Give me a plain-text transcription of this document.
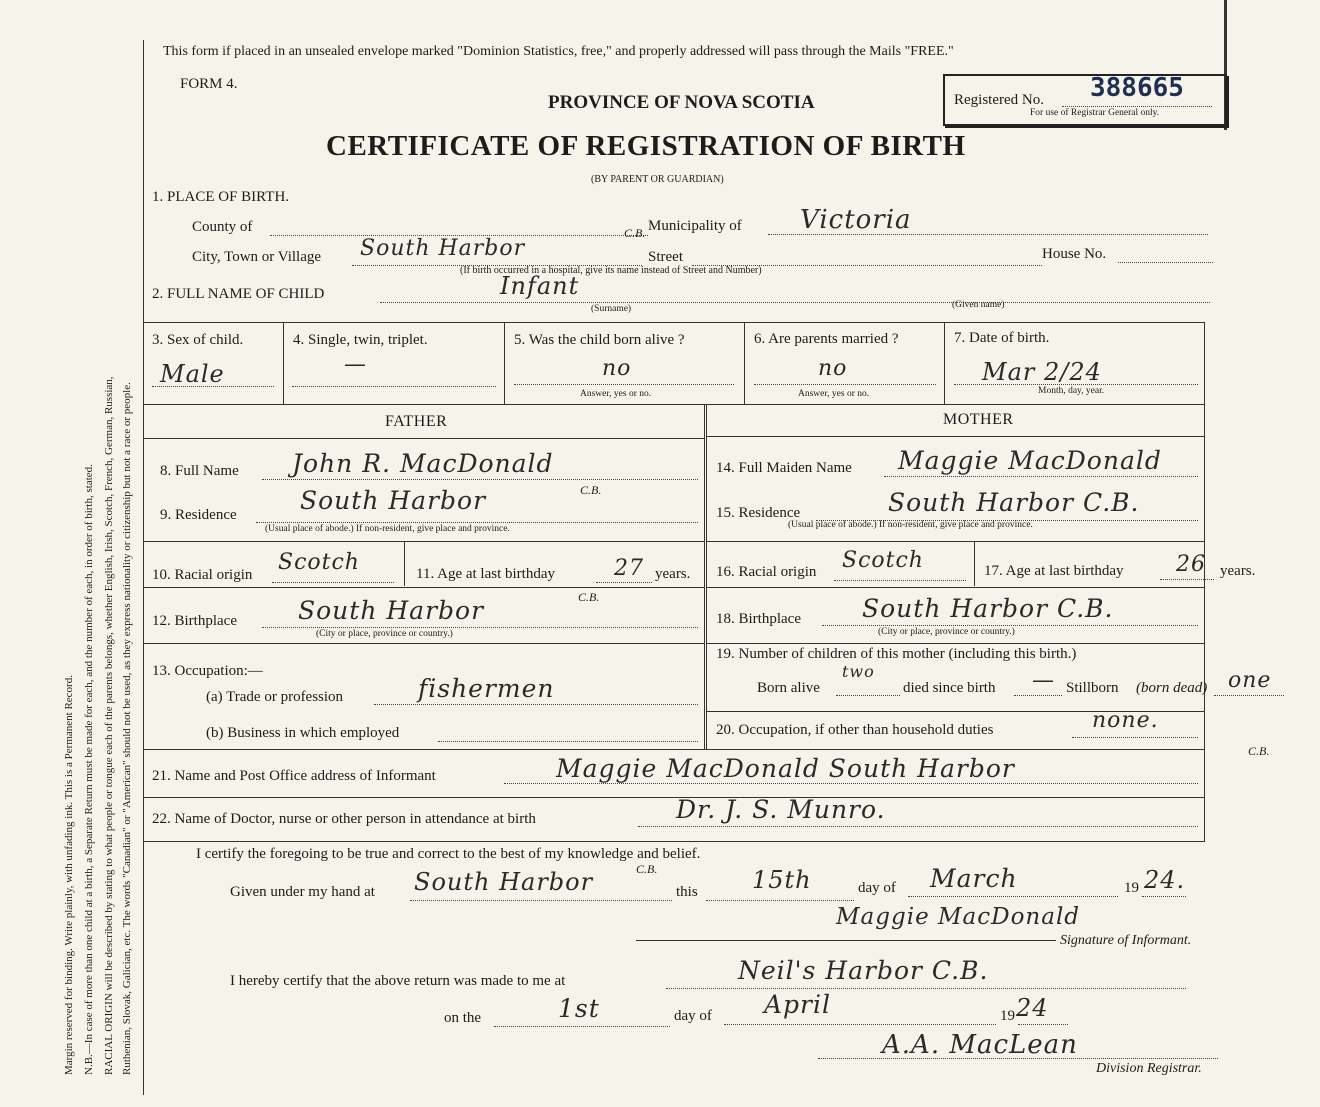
Margin reserved for binding. Write plainly, with unfading ink. This is a Permanent Record. N.B.—In case of more than one child at a birth, a Separate Return must be made for each, and the number of each, in order of birth, stated. RACIAL ORIGIN will be described by stating to what people or tongue each of the parents belongs, whether English, Irish, Scotch, French, German, Russian, Ruthenian, Slovak, Galician, etc. The words "Canadian" or "American" should not be used, as they express nationality or citizenship but not a race or people.
This form if placed in an unsealed envelope marked "Dominion Statistics, free," and properly addressed will pass through the Mails "FREE."
FORM 4.
PROVINCE OF NOVA SCOTIA
CERTIFICATE OF REGISTRATION OF BIRTH
(BY PARENT OR GUARDIAN)
Registered No. 388665
For use of Registrar General only.
1. PLACE OF BIRTH.
County of	Municipality of Victoria
City, Town or Village South Harbor
C.B.
Street	House No.
(If birth occurred in a hospital, give its name instead of Street and Number)
2. FULL NAME OF CHILD	Infant
(Surname)	(Given name)
3. Sex of child.
Male
4. Single, twin, triplet.
—
5. Was the child born alive ?
no
Answer, yes or no.
6. Are parents married ?
no
Answer, yes or no.
7. Date of birth.
Mar 2/24
Month, day, year.
FATHER	MOTHER
8. Full Name John R. MacDonald
9. Residence	South Harbor	C.B.
(Usual place of abode.) If non-resident, give place and province.
10. Racial origin Scotch	11. Age at last birthday	27 years.
12. Birthplace South Harbor	C.B.
(City or place, province or country.)
13. Occupation:—
(a) Trade or profession	fishermen
(b) Business in which employed
14. Full Maiden Name Maggie MacDonald
15. Residence	South Harbor C.B.
(Usual place of abode.) If non-resident, give place and province.
16. Racial origin Scotch	17. Age at last birthday 26 years.
18. Birthplace South Harbor C.B.
(City or place, province or country.)
19. Number of children of this mother (including this birth.)
Born alive
two
died since birth — Stillborn (born dead) one
20. Occupation, if other than household duties	none.
21. Name and Post Office address of Informant	Maggie MacDonald South Harbor
C.B.
22. Name of Doctor, nurse or other person in attendance at birth	Dr. J. S. Munro.
I certify the foregoing to be true and correct to the best of my knowledge and belief.
Given under my hand at South Harbor	C.B.
this 15th	day of March	19 24.
Maggie MacDonald
Signature of Informant.
I hereby certify that the above return was made to me at	Neil's Harbor C.B.
on the	1st	day of April	19 24
A.A. MacLean
Division Registrar.
